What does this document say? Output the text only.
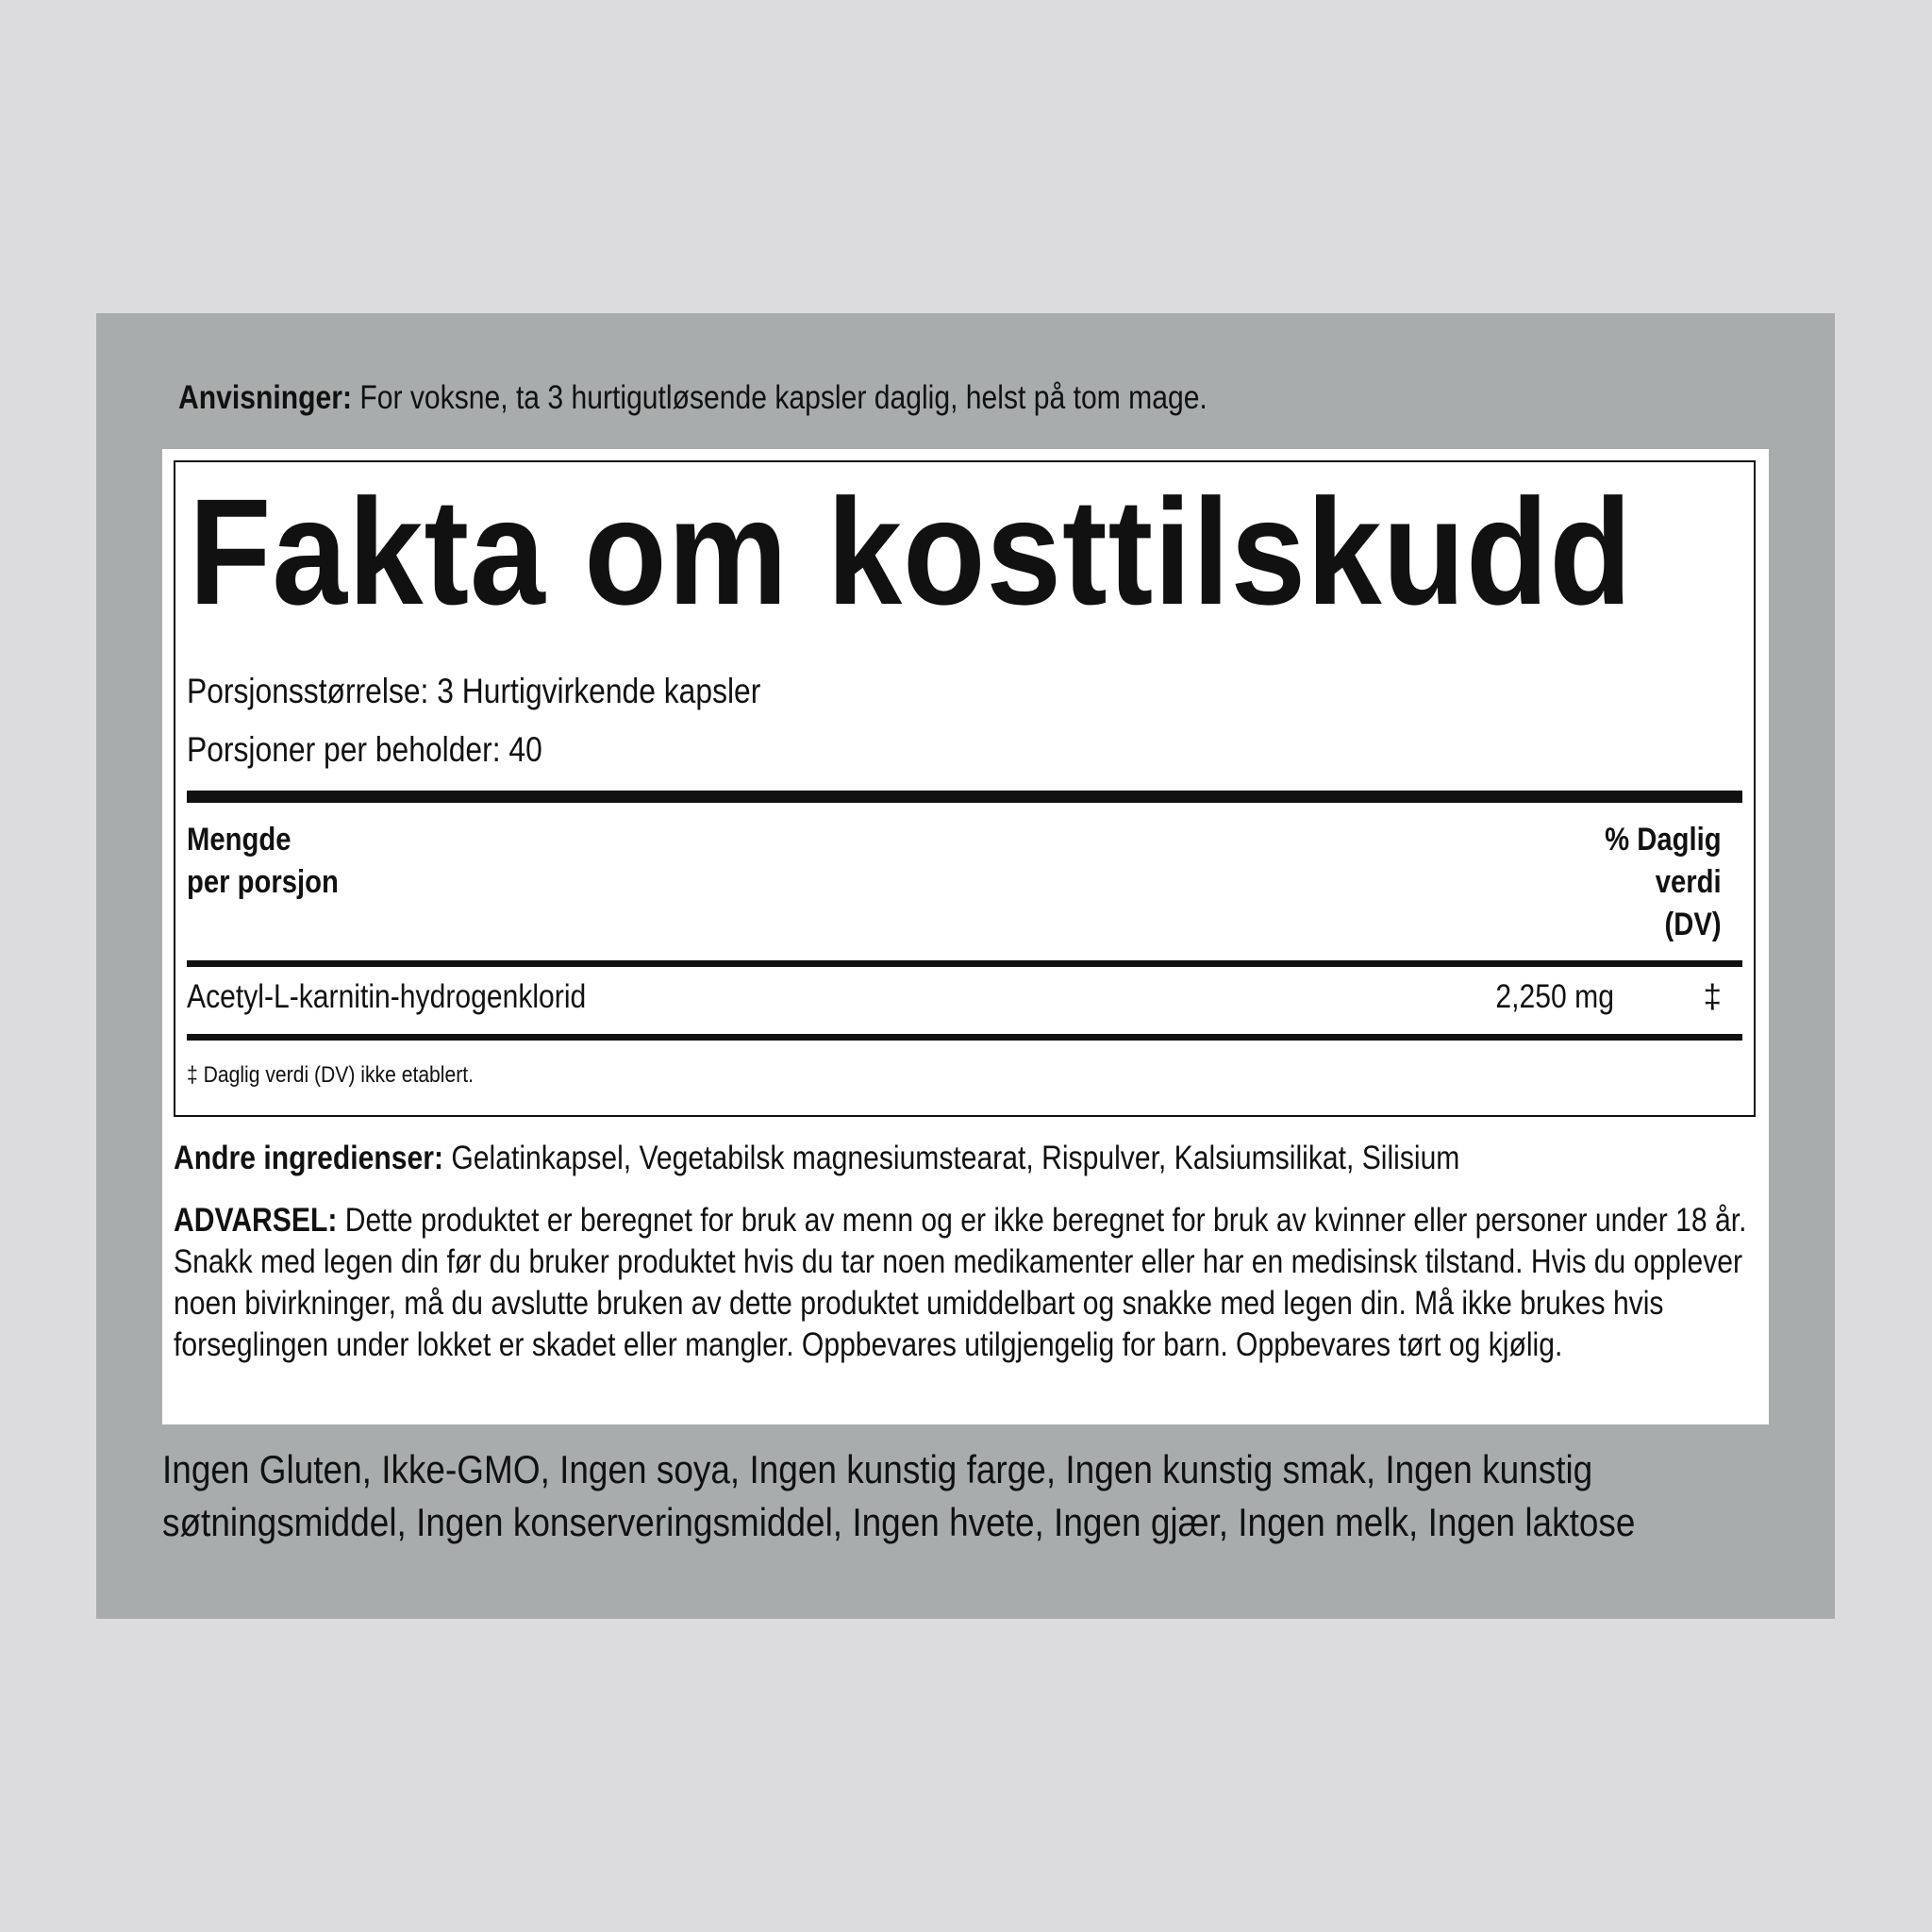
Anvisninger: For voksne, ta 3 hurtigutløsende kapsler daglig, helst på tom mage.
Fakta om kosttilskudd
Porsjonsstørrelse: 3 Hurtigvirkende kapsler
Porsjoner per beholder: 40
Mengde
per porsjon
% Daglig
verdi
(DV)
Acetyl-L-karnitin-hydrogenklorid	2,250 mg	‡
‡ Daglig verdi (DV) ikke etablert.
Andre ingredienser: Gelatinkapsel, Vegetabilsk magnesiumstearat, Rispulver, Kalsiumsilikat, Silisium
ADVARSEL: Dette produktet er beregnet for bruk av menn og er ikke beregnet for bruk av kvinner eller personer under 18 år. Snakk med legen din før du bruker produktet hvis du tar noen medikamenter eller har en medisinsk tilstand. Hvis du opplever noen bivirkninger, må du avslutte bruken av dette produktet umiddelbart og snakke med legen din. Må ikke brukes hvis forseglingen under lokket er skadet eller mangler. Oppbevares utilgjengelig for barn. Oppbevares tørt og kjølig.
Ingen Gluten, Ikke-GMO, Ingen soya, Ingen kunstig farge, Ingen kunstig smak, Ingen kunstig søtningsmiddel, Ingen konserveringsmiddel, Ingen hvete, Ingen gjær, Ingen melk, Ingen laktose
